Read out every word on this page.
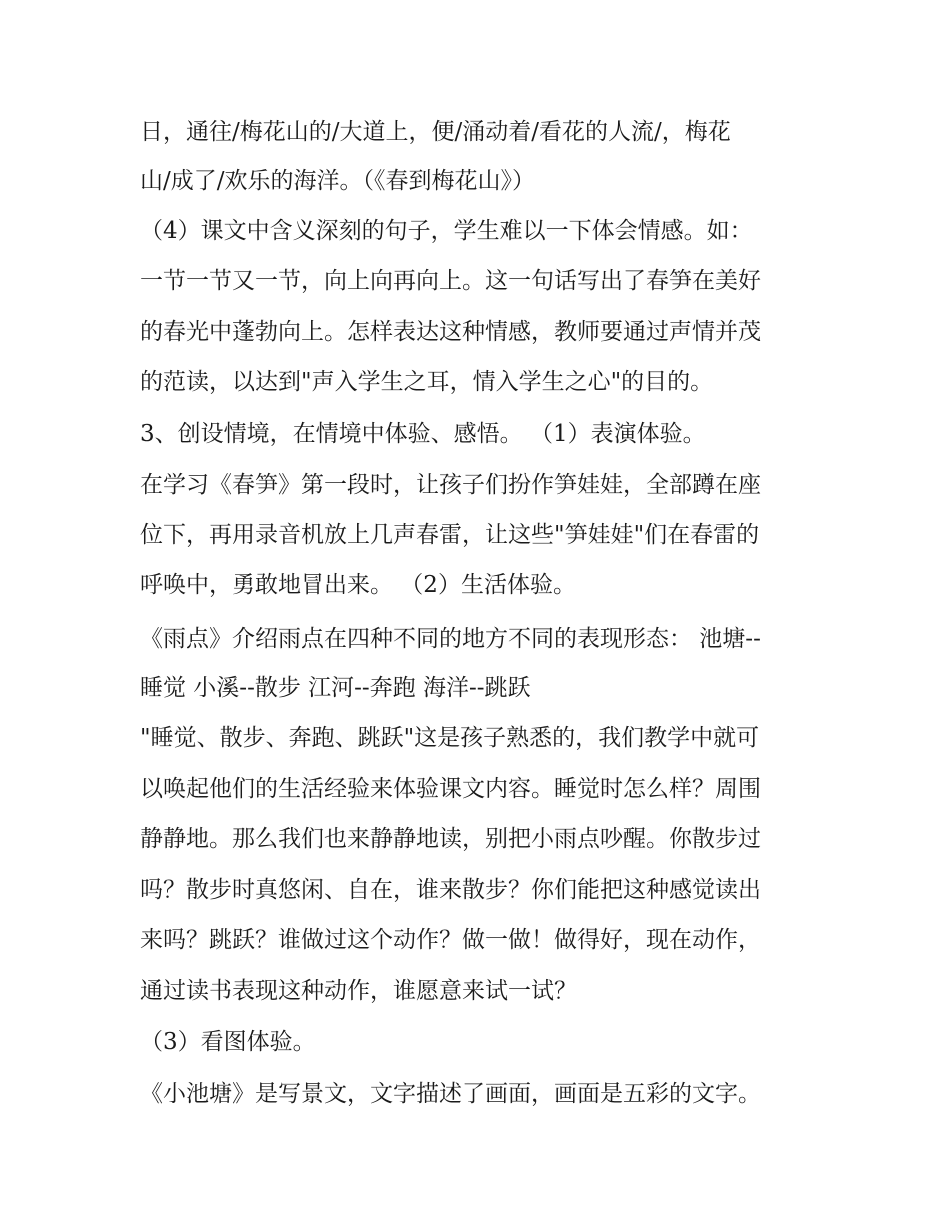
日，通往/梅花山的/大道上，便/涌动着/看花的人流/，梅花

山/成了/欢乐的海洋。（《春到梅花山》）

（4）课文中含义深刻的句子，学生难以一下体会情感。如：

一节一节又一节，向上向再向上。这一句话写出了春笋在美好

的春光中蓬勃向上。怎样表达这种情感，教师要通过声情并茂

的范读，以达到"声入学生之耳，情入学生之心"的目的。

3、创设情境，在情境中体验、感悟。 （1）表演体验。

在学习《春笋》第一段时，让孩子们扮作笋娃娃，全部蹲在座

位下，再用录音机放上几声春雷，让这些"笋娃娃"们在春雷的

呼唤中，勇敢地冒出来。 （2）生活体验。

《雨点》介绍雨点在四种不同的地方不同的表现形态： 池塘--

睡觉 小溪--散步 江河--奔跑 海洋--跳跃

"睡觉、散步、奔跑、跳跃"这是孩子熟悉的，我们教学中就可

以唤起他们的生活经验来体验课文内容。睡觉时怎么样？周围

静静地。那么我们也来静静地读，别把小雨点吵醒。你散步过

吗？散步时真悠闲、自在，谁来散步？你们能把这种感觉读出

来吗？跳跃？谁做过这个动作？做一做！做得好，现在动作，

通过读书表现这种动作，谁愿意来试一试？

（3）看图体验。

《小池塘》是写景文，文字描述了画面，画面是五彩的文字。
